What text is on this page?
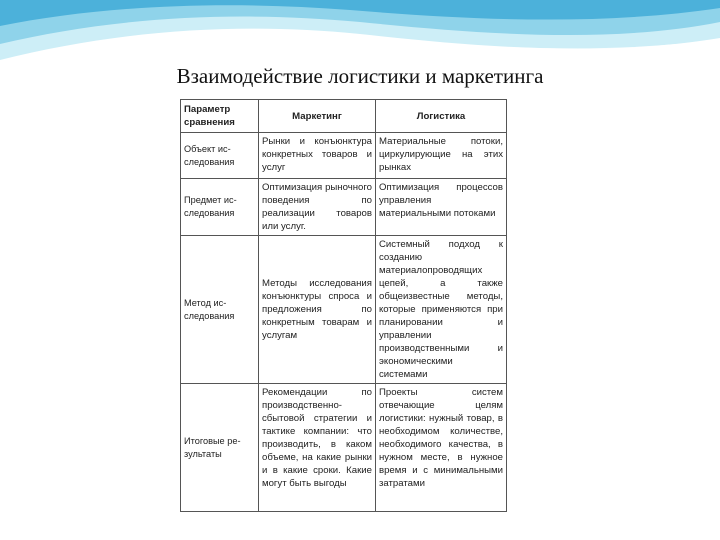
Взаимодействие логистики и маркетинга
Параметр сравнения	Маркетинг	Логистика
Объект ис-следования	Рынки и конъюнктура конкретных товаров и услуг	Материальные потоки, циркулирующие на этих рынках
Предмет ис-следования	Оптимизация рыночного поведения по реализации товаров или услуг.	Оптимизация процессов управления материальными потоками
Метод ис-следования	Методы исследования конъюнктуры спроса и предложения по конкретным товарам и услугам	Системный подход к созданию материалопроводящих цепей, а также общеизвестные методы, которые применяются при планировании и управлении производственными и экономическими системами
Итоговые ре-зультаты	Рекомендации по производственно-сбытовой стратегии и тактике компании: что производить, в каком объеме, на какие рынки и в какие сроки. Какие могут быть выгоды	Проекты систем отвечающие целям логистики: нужный товар, в необходимом количестве, необходимого качества, в нужном месте, в нужное время и с минимальными затратами
